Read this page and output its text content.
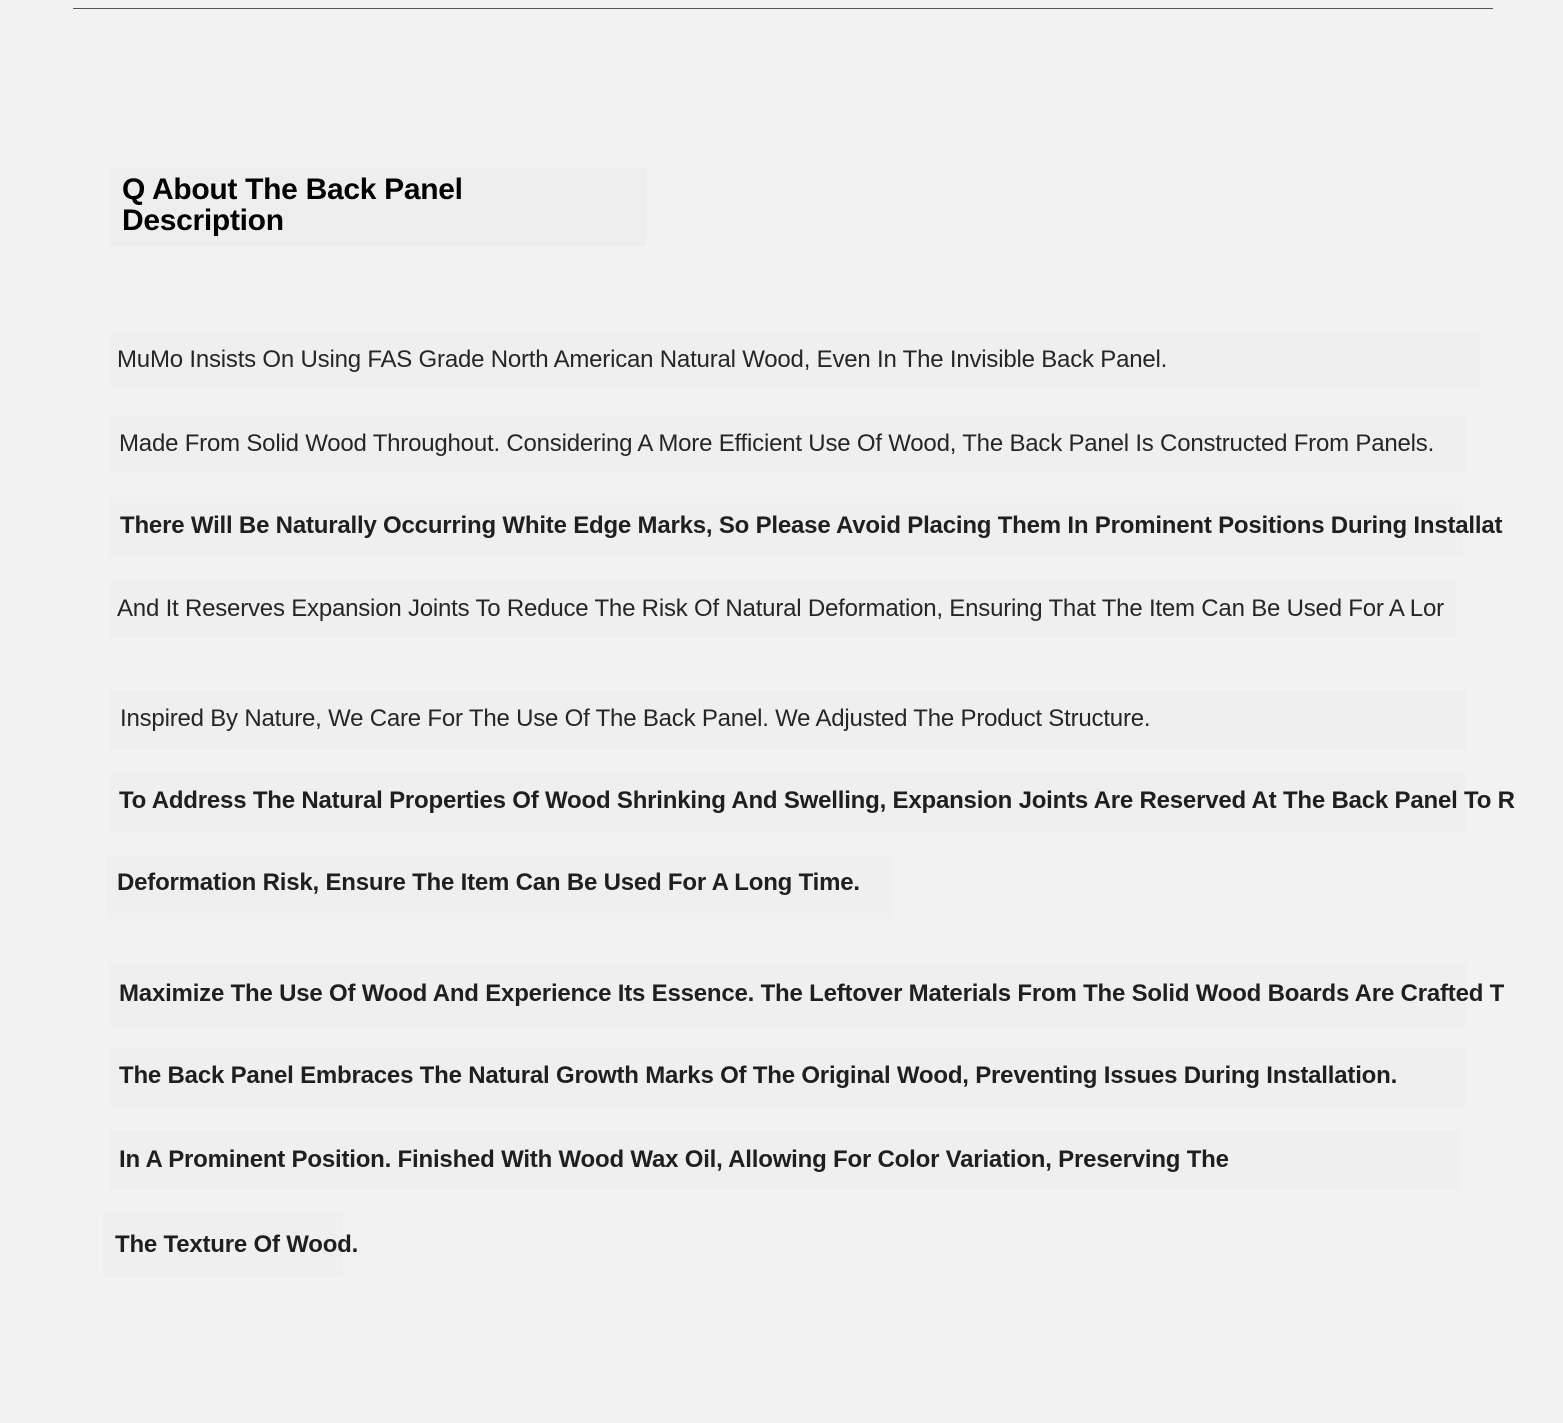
Q About The Back Panel
Description
MuMo Insists On Using FAS Grade North American Natural Wood, Even In The Invisible Back Panel.
Made From Solid Wood Throughout. Considering A More Efficient Use Of Wood, The Back Panel Is Constructed From Panels.
There Will Be Naturally Occurring White Edge Marks, So Please Avoid Placing Them In Prominent Positions During Installat
And It Reserves Expansion Joints To Reduce The Risk Of Natural Deformation, Ensuring That The Item Can Be Used For A Lor
Inspired By Nature, We Care For The Use Of The Back Panel. We Adjusted The Product Structure.
To Address The Natural Properties Of Wood Shrinking And Swelling, Expansion Joints Are Reserved At The Back Panel To R
Deformation Risk, Ensure The Item Can Be Used For A Long Time.
Maximize The Use Of Wood And Experience Its Essence. The Leftover Materials From The Solid Wood Boards Are Crafted T
The Back Panel Embraces The Natural Growth Marks Of The Original Wood, Preventing Issues During Installation.
In A Prominent Position. Finished With Wood Wax Oil, Allowing For Color Variation, Preserving The
The Texture Of Wood.
